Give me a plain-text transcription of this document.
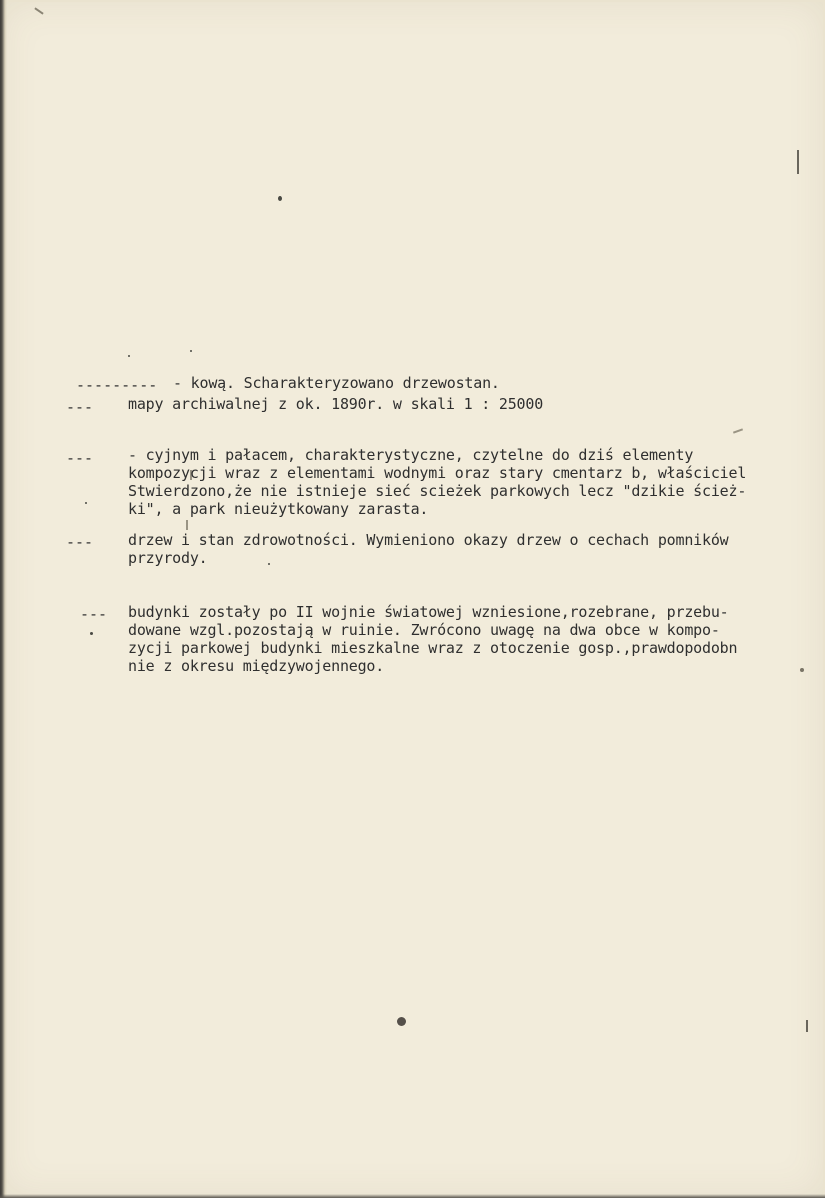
--------- - kową. Scharakteryzowano drzewostan.
--- mapy archiwalnej z ok. 1890r. w skali 1 : 25000
--- - cyjnym i pałacem, charakterystyczne, czytelne do dziś elementy
kompozycji wraz z elementami wodnymi oraz stary cmentarz b, właściciel
Stwierdzono,że nie istnieje sieć scieżek parkowych lecz "dzikie ścież-
ki", a park nieużytkowany zarasta.
--- drzew i stan zdrowotności. Wymieniono okazy drzew o cechach pomników
przyrody.
--- budynki zostały po II wojnie światowej wzniesione,rozebrane, przebu-
dowane wzgl.pozostają w ruinie. Zwrócono uwagę na dwa obce w kompo-
zycji parkowej budynki mieszkalne wraz z otoczenie gosp.,prawdopodobn
nie z okresu międzywojennego.
